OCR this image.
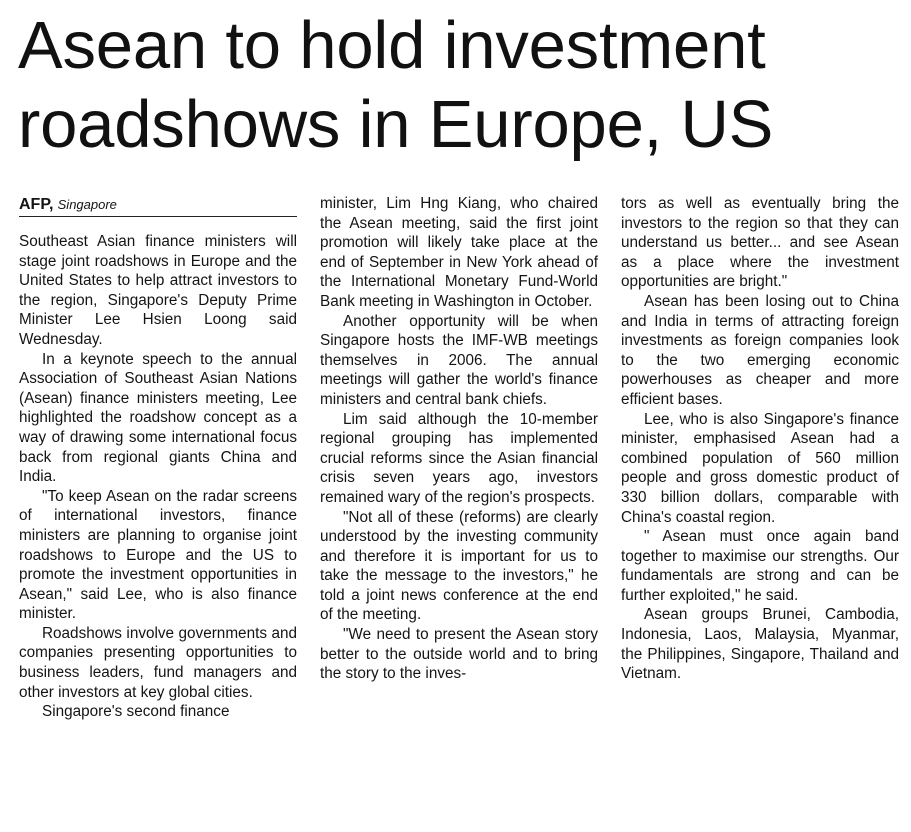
Asean to hold investment roadshows in Europe, US
AFP, Singapore

Southeast Asian finance ministers will stage joint roadshows in Europe and the United States to help attract investors to the region, Singapore's Deputy Prime Minister Lee Hsien Loong said Wednesday.

In a keynote speech to the annual Association of Southeast Asian Nations (Asean) finance ministers meeting, Lee highlighted the roadshow concept as a way of drawing some international focus back from regional giants China and India.

"To keep Asean on the radar screens of international investors, finance ministers are planning to organise joint roadshows to Europe and the US to promote the investment opportunities in Asean," said Lee, who is also finance minister.

Roadshows involve governments and companies presenting opportunities to business leaders, fund managers and other investors at key global cities.

Singapore's second finance

minister, Lim Hng Kiang, who chaired the Asean meeting, said the first joint promotion will likely take place at the end of September in New York ahead of the International Monetary Fund-World Bank meeting in Washington in October.

Another opportunity will be when Singapore hosts the IMF-WB meetings themselves in 2006. The annual meetings will gather the world's finance ministers and central bank chiefs.

Lim said although the 10-member regional grouping has implemented crucial reforms since the Asian financial crisis seven years ago, investors remained wary of the region's prospects.

"Not all of these (reforms) are clearly understood by the investing community and therefore it is important for us to take the message to the investors," he told a joint news conference at the end of the meeting.

"We need to present the Asean story better to the outside world and to bring the story to the inves-

tors as well as eventually bring the investors to the region so that they can understand us better... and see Asean as a place where the investment opportunities are bright."

Asean has been losing out to China and India in terms of attracting foreign investments as foreign companies look to the two emerging economic powerhouses as cheaper and more efficient bases.

Lee, who is also Singapore's finance minister, emphasised Asean had a combined population of 560 million people and gross domestic product of 330 billion dollars, comparable with China's coastal region.

" Asean must once again band together to maximise our strengths. Our fundamentals are strong and can be further exploited," he said.

Asean groups Brunei, Cambodia, Indonesia, Laos, Malaysia, Myanmar, the Philippines, Singapore, Thailand and Vietnam.
